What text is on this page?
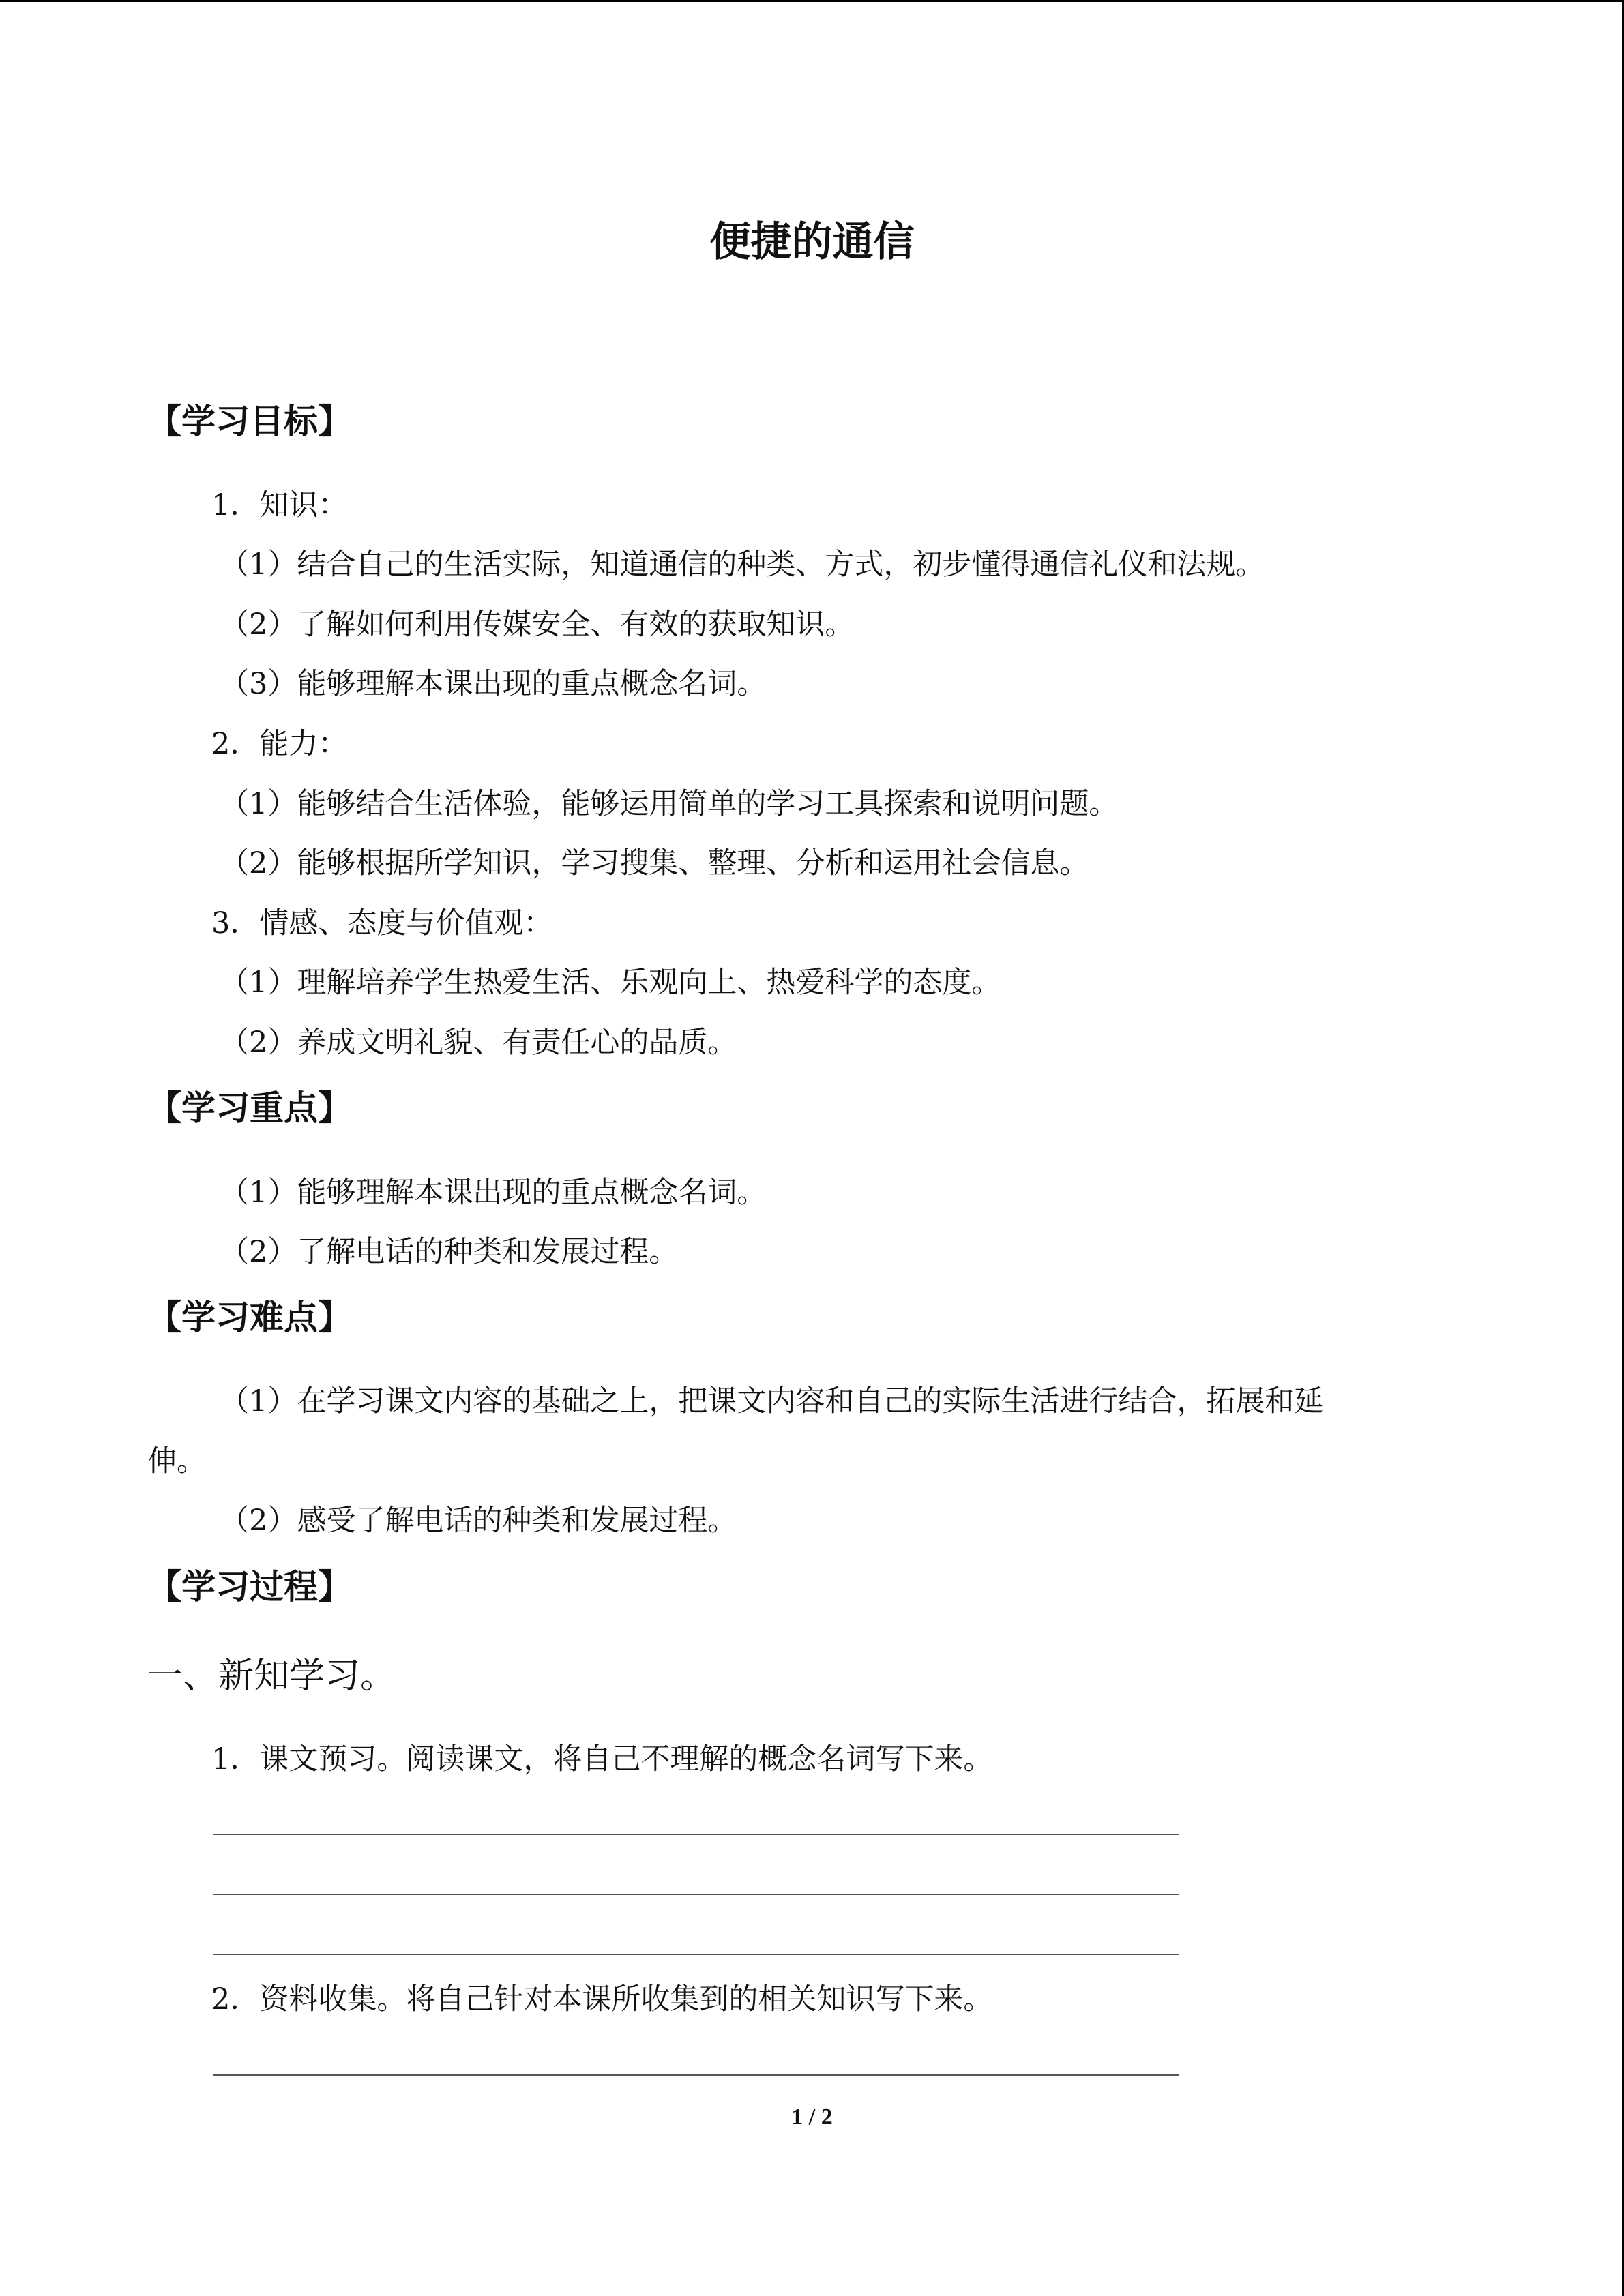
便捷的通信
【学习目标】
1．知识：
（1）结合自己的生活实际，知道通信的种类、方式，初步懂得通信礼仪和法规。
（2）了解如何利用传媒安全、有效的获取知识。
（3）能够理解本课出现的重点概念名词。
2．能力：
（1）能够结合生活体验，能够运用简单的学习工具探索和说明问题。
（2）能够根据所学知识，学习搜集、整理、分析和运用社会信息。
3．情感、态度与价值观：
（1）理解培养学生热爱生活、乐观向上、热爱科学的态度。
（2）养成文明礼貌、有责任心的品质。
【学习重点】
（1）能够理解本课出现的重点概念名词。
（2）了解电话的种类和发展过程。
【学习难点】
（1）在学习课文内容的基础之上，把课文内容和自己的实际生活进行结合，拓展和延
伸。
（2）感受了解电话的种类和发展过程。
【学习过程】
一、新知学习。
1．课文预习。阅读课文，将自己不理解的概念名词写下来。
2．资料收集。将自己针对本课所收集到的相关知识写下来。
1 / 2
